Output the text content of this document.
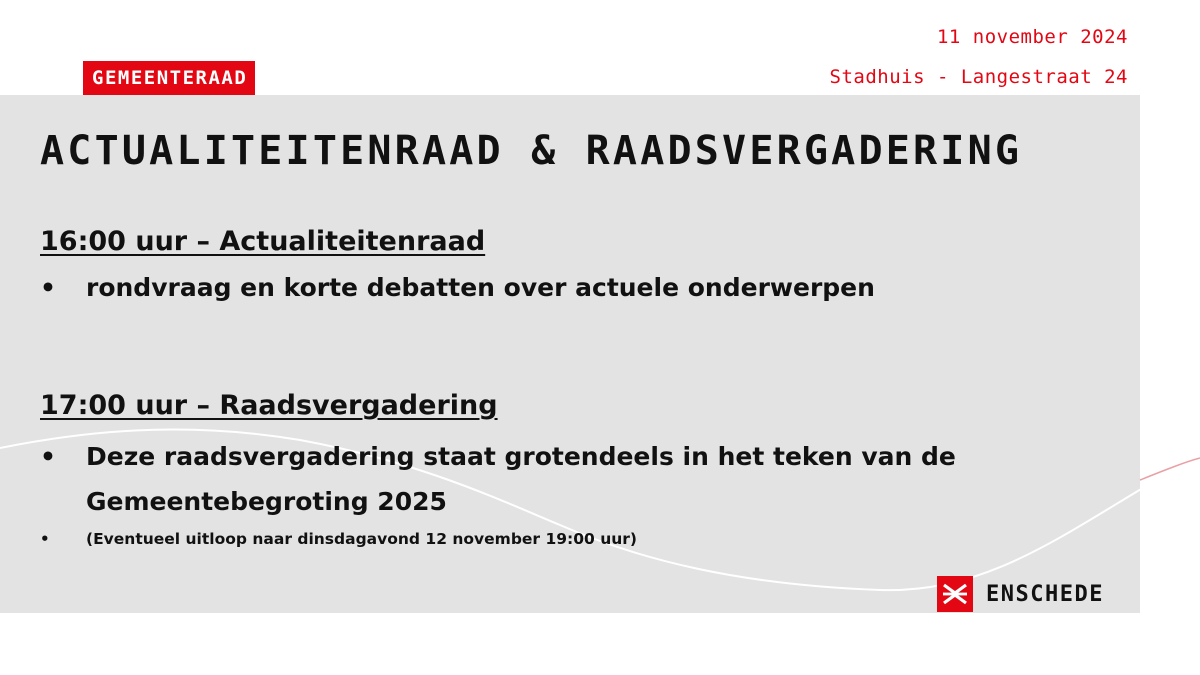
GEMEENTERAAD
11 november 2024
Stadhuis - Langestraat 24
ACTUALITEITENRAAD & RAADSVERGADERING

16:00 uur – Actualiteitenraad

•	rondvraag en korte debatten over actuele onderwerpen

17:00 uur – Raadsvergadering

•	Deze raadsvergadering staat grotendeels in het teken van de Gemeentebegroting 2025
•	(Eventueel uitloop naar dinsdagavond 12 november 19:00 uur)
ENSCHEDE
